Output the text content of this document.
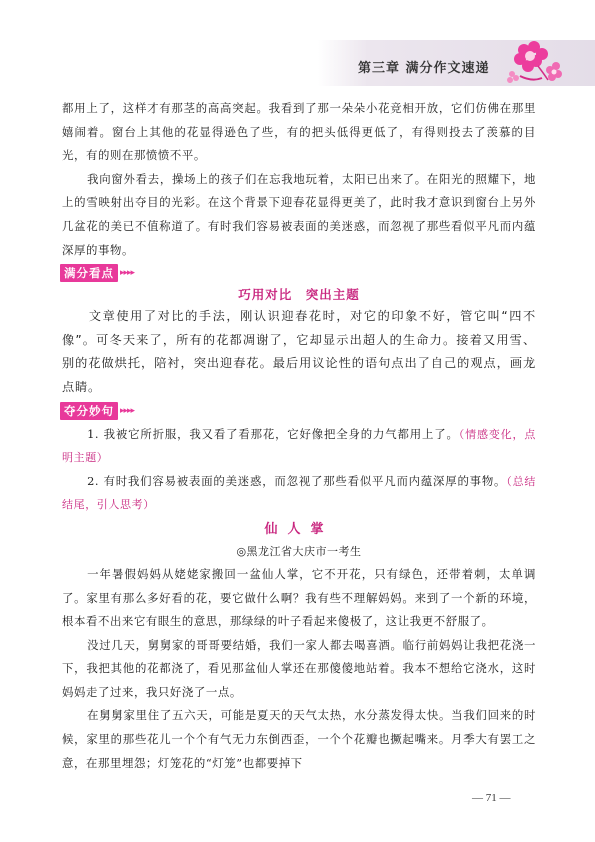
第三章 满分作文速递

都用上了，这样才有那茎的高高突起。我看到了那一朵朵小花竞相开放，它们仿佛在那里嬉闹着。窗台上其他的花显得逊色了些，有的把头低得更低了，有得则投去了羡慕的目光，有的则在那愤愤不平。

我向窗外看去，操场上的孩子们在忘我地玩着，太阳已出来了。在阳光的照耀下，地上的雪映射出夺目的光彩。在这个背景下迎春花显得更美了，此时我才意识到窗台上另外几盆花的美已不值称道了。有时我们容易被表面的美迷惑，而忽视了那些看似平凡而内蕴深厚的事物。

满分看点 ▸▸▸▸

巧用对比　突出主题

文章使用了对比的手法，刚认识迎春花时，对它的印象不好，管它叫“四不像”。可冬天来了，所有的花都凋谢了，它却显示出超人的生命力。接着又用雪、别的花做烘托，陪衬，突出迎春花。最后用议论性的语句点出了自己的观点，画龙点睛。

夺分妙句 ▸▸▸▸

1. 我被它所折服，我又看了看那花，它好像把全身的力气都用上了。（情感变化，点明主题）

2. 有时我们容易被表面的美迷惑，而忽视了那些看似平凡而内蕴深厚的事物。（总结结尾，引人思考）

仙人掌

◎黑龙江省大庆市一考生

一年暑假妈妈从姥姥家搬回一盆仙人掌，它不开花，只有绿色，还带着刺，太单调了。家里有那么多好看的花，要它做什么啊？我有些不理解妈妈。来到了一个新的环境，根本看不出来它有眼生的意思，那绿绿的叶子看起来傻极了，这让我更不舒服了。

没过几天，舅舅家的哥哥要结婚，我们一家人都去喝喜酒。临行前妈妈让我把花浇一下，我把其他的花都浇了，看见那盆仙人掌还在那傻傻地站着。我本不想给它浇水，这时妈妈走了过来，我只好浇了一点。

在舅舅家里住了五六天，可能是夏天的天气太热，水分蒸发得太快。当我们回来的时候，家里的那些花儿一个个有气无力东倒西歪，一个个花瓣也撅起嘴来。月季大有罢工之意，在那里埋怨；灯笼花的“灯笼”也都要掉下

— 71 —
